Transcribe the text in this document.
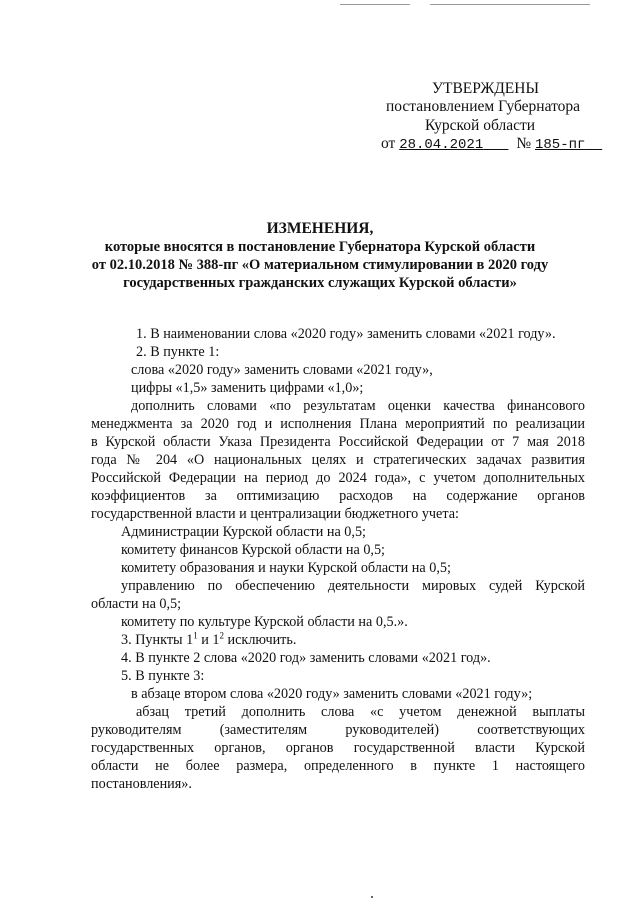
УТВЕРЖДЕНЫ
постановлением Губернатора
Курской области
от 28.04.2021 № 185-пг
ИЗМЕНЕНИЯ,
которые вносятся в постановление Губернатора Курской области
от 02.10.2018 № 388-пг «О материальном стимулировании в 2020 году
государственных гражданских служащих Курской области»
1. В наименовании слова «2020 году» заменить словами «2021 году».
2. В пункте 1:
слова «2020 году» заменить словами «2021 году»,
цифры «1,5» заменить цифрами «1,0»;
дополнить словами «по результатам оценки качества финансового
менеджмента за 2020 год и исполнения Плана мероприятий по реализации
в Курской области Указа Президента Российской Федерации от 7 мая 2018
года № 204 «О национальных целях и стратегических задачах развития
Российской Федерации на период до 2024 года», с учетом дополнительных
коэффициентов за оптимизацию расходов на содержание органов
государственной власти и централизации бюджетного учета:
Администрации Курской области на 0,5;
комитету финансов Курской области на 0,5;
комитету образования и науки Курской области на 0,5;
управлению по обеспечению деятельности мировых судей Курской
области на 0,5;
комитету по культуре Курской области на 0,5.».
3. Пункты $1^1$ и $1^2$ исключить.
4. В пункте 2 слова «2020 год» заменить словами «2021 год».
5. В пункте 3:
в абзаце втором слова «2020 году» заменить словами «2021 году»;
абзац третий дополнить слова «с учетом денежной выплаты
руководителям (заместителям руководителей) соответствующих
государственных органов, органов государственной власти Курской
области не более размера, определенного в пункте 1 настоящего
постановления».
